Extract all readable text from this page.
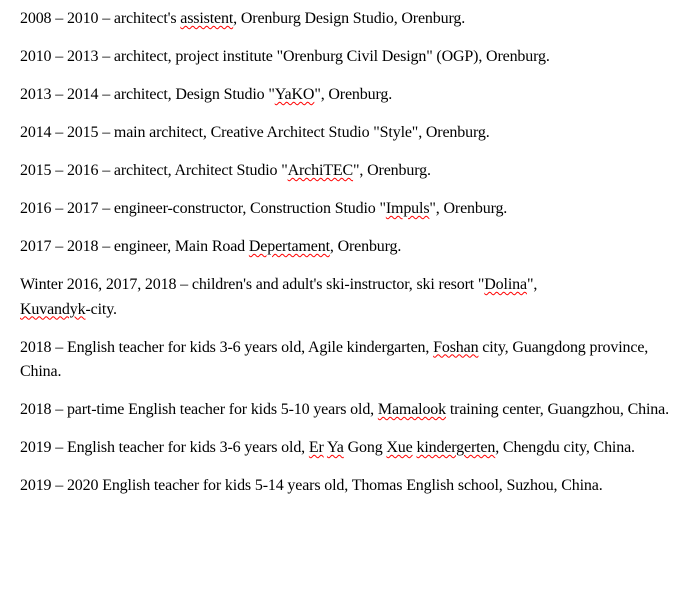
2008 – 2010 – architect's assistent, Orenburg Design Studio, Orenburg.

2010 – 2013 – architect, project institute "Orenburg Civil Design" (OGP), Orenburg.

2013 – 2014 – architect, Design Studio "YaKO", Orenburg.

2014 – 2015 – main architect, Creative Architect Studio "Style", Orenburg.

2015 – 2016 – architect, Architect Studio "ArchiTEC", Orenburg.

2016 – 2017 – engineer-constructor, Construction Studio "Impuls", Orenburg.

2017 – 2018 – engineer, Main Road Depertament, Orenburg.

Winter 2016, 2017, 2018 – children's and adult's ski-instructor, ski resort "Dolina",
Kuvandyk-city.

2018 – English teacher for kids 3-6 years old, Agile kindergarten, Foshan city, Guangdong province, China.

2018 – part-time English teacher for kids 5-10 years old, Mamalook training center, Guangzhou, China.

2019 – English teacher for kids 3-6 years old, Er Ya Gong Xue kindergerten, Chengdu city, China.

2019 – 2020 English teacher for kids 5-14 years old, Thomas English school, Suzhou, China.
